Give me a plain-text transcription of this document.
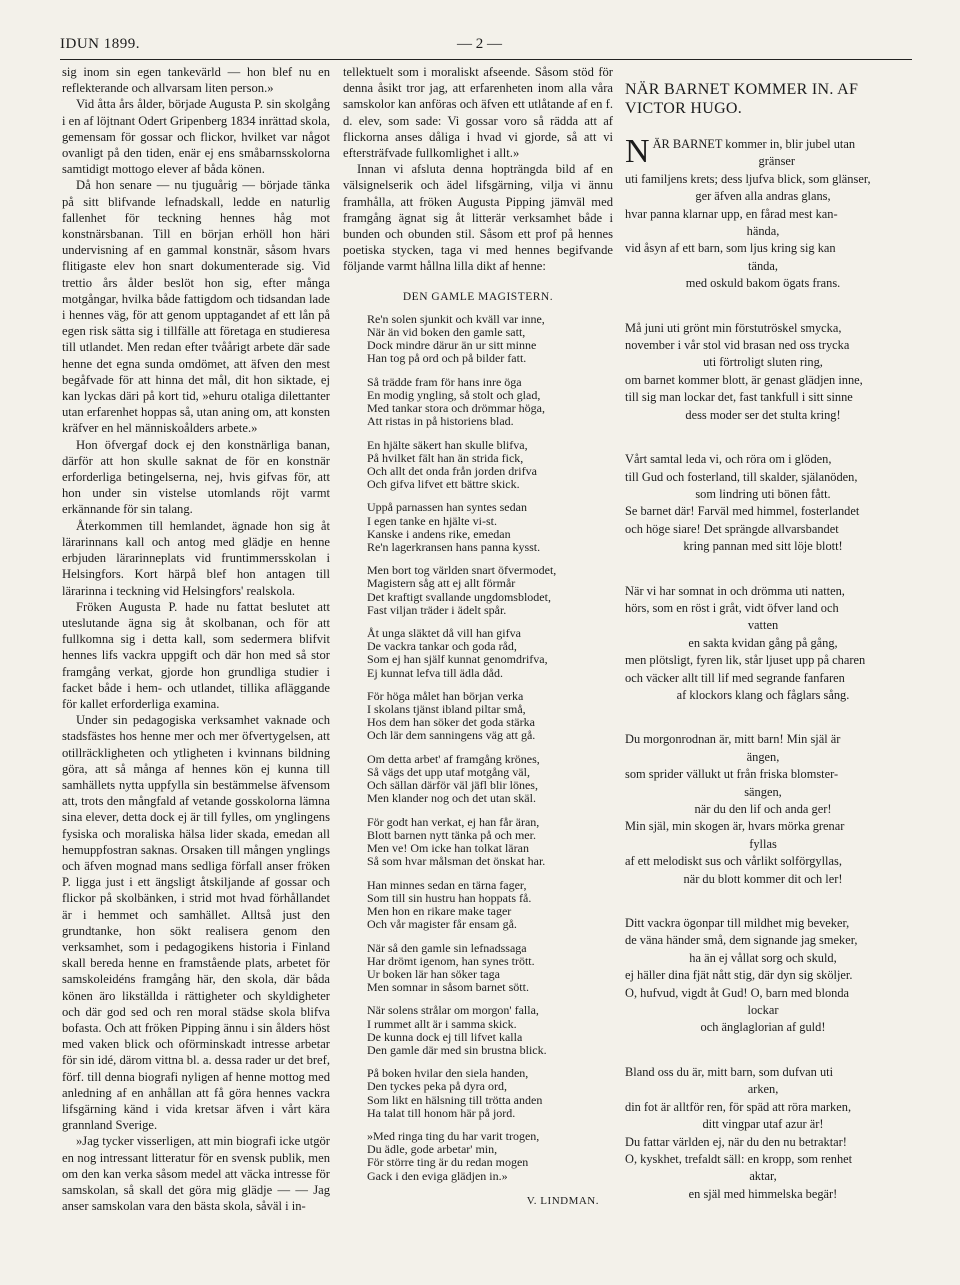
IDUN 1899.	— 2 —

sig inom sin egen tankevärld — hon blef nu en reflekterande och allvarsam liten person.»

Vid åtta års ålder, började Augusta P. sin skolgång i en af löjtnant Odert Gripenberg 1834 inrättad skola, gemensam för gossar och flickor, hvilket var något ovanligt på den tiden, enär ej ens småbarnsskolorna samtidigt mottogo elever af båda könen.

Då hon senare — nu tjuguårig — började tänka på sitt blifvande lefnadskall, ledde en naturlig fallenhet för teckning hennes håg mot konstnärsbanan. Till en början erhöll hon häri undervisning af en gammal konstnär, såsom hvars flitigaste elev hon snart dokumenterade sig. Vid trettio års ålder beslöt hon sig, efter många motgångar, hvilka både fattigdom och tidsandan lade i hennes väg, för att genom upptagandet af ett lån på egen risk sätta sig i tillfälle att företaga en studieresa till utlandet. Men redan efter tvåårigt arbete där sade henne det egna sunda omdömet, att äfven den mest begåfvade för att hinna det mål, dit hon siktade, ej kan lyckas däri på kort tid, »ehuru otaliga dilettanter utan erfarenhet hoppas så, utan aning om, att konsten kräfver en hel människoålders arbete.»

Hon öfvergaf dock ej den konstnärliga banan, därför att hon skulle saknat de för en konstnär erforderliga betingelserna, nej, hvis gifvas för, att hon under sin vistelse utomlands röjt varmt erkännande för sin talang.

Återkommen till hemlandet, ägnade hon sig åt lärarinnans kall och antog med glädje en henne erbjuden lärarinneplats vid fruntimmersskolan i Helsingfors. Kort härpå blef hon antagen till lärarinna i teckning vid Helsingfors' realskola.

Fröken Augusta P. hade nu fattat beslutet att uteslutande ägna sig åt skolbanan, och för att fullkomna sig i detta kall, som sedermera blifvit hennes lifs vackra uppgift och där hon med så stor framgång verkat, gjorde hon grundliga studier i facket både i hem- och utlandet, tillika afläggande för kallet erforderliga examina.

Under sin pedagogiska verksamhet vaknade och stadsfästes hos henne mer och mer öfvertygelsen, att otillräckligheten och ytligheten i kvinnans bildning göra, att så många af hennes kön ej kunna till samhällets nytta uppfylla sin bestämmelse äfvensom att, trots den mångfald af vetande gosskolorna lämna sina elever, detta dock ej är till fylles, om ynglingens fysiska och moraliska hälsa lider skada, emedan all hemuppfostran saknas. Orsaken till mången ynglings och äfven mognad mans sedliga förfall anser fröken P. ligga just i ett ängsligt åtskiljande af gossar och flickor på skolbänken, i strid mot hvad förhållandet är i hemmet och samhället. Alltså just den grundtanke, hon sökt realisera genom den verksamhet, som i pedagogikens historia i Finland skall bereda henne en framstående plats, arbetet för samskoleidéns framgång här, den skola, där båda könen äro likställda i rättigheter och skyldigheter och där god sed och ren moral städse skola blifva bofasta. Och att fröken Pipping ännu i sin ålders höst med vaken blick och oförminskadt intresse arbetar för sin idé, därom vittna bl. a. dessa rader ur det bref, förf. till denna biografi nyligen af henne mottog med anledning af en anhållan att få göra hennes vackra lifsgärning känd i vida kretsar äfven i vårt kära grannland Sverige.

»Jag tycker visserligen, att min biografi icke utgör en nog intressant litteratur för en svensk publik, men om den kan verka såsom medel att väcka intresse för samskolan, så skall det göra mig glädje — — Jag anser samskolan vara den bästa skola, såväl i in-

tellektuelt som i moraliskt afseende. Såsom stöd för denna åsikt tror jag, att erfarenheten inom alla våra samskolor kan anföras och äfven ett utlåtande af en f. d. elev, som sade: Vi gossar voro så rädda att af flickorna anses dåliga i hvad vi gjorde, så att vi eftersträfvade fullkomlighet i allt.»

Innan vi afsluta denna hopträngda bild af en välsignelserik och ädel lifsgärning, vilja vi ännu framhålla, att fröken Augusta Pipping jämväl med framgång ägnat sig åt litterär verksamhet både i bunden och obunden stil. Såsom ett prof på hennes poetiska stycken, taga vi med hennes begifvande följande varmt hållna lilla dikt af henne:

DEN GAMLE MAGISTERN.
Re'n solen sjunkit och kväll var inne,
När än vid boken den gamle satt,
Dock mindre därur än ur sitt minne
Han tog på ord och på bilder fatt.
Så trädde fram för hans inre öga
En modig yngling, så stolt och glad,
Med tankar stora och drömmar höga,
Att ristas in på historiens blad.
En hjälte säkert han skulle blifva,
På hvilket fält han än strida fick,
Och allt det onda från jorden drifva
Och gifva lifvet ett bättre skick.
Uppå parnassen han syntes sedan
I egen tanke en hjälte vi-st.
Kanske i andens rike, emedan
Re'n lagerkransen hans panna kysst.
Men bort tog världen snart öfvermodet,
Magistern såg att ej allt förmår
Det kraftigt svallande ungdomsblodet,
Fast viljan träder i ädelt spår.
Åt unga släktet då vill han gifva
De vackra tankar och goda råd,
Som ej han själf kunnat genomdrifva,
Ej kunnat lefva till ädla dåd.
För höga målet han början verka
I skolans tjänst ibland piltar små,
Hos dem han söker det goda stärka
Och lär dem sanningens väg att gå.
Om detta arbet' af framgång krönes,
Så vägs det upp utaf motgång väl,
Och sällan därför väl jäfl blir lönes,
Men klander nog och det utan skäl.
För godt han verkat, ej han får äran,
Blott barnen nytt tänka på och mer.
Men ve! Om icke han tolkat läran
Så som hvar målsman det önskat har.
Han minnes sedan en tärna fager,
Som till sin hustru han hoppats få.
Men hon en rikare make tager
Och vår magister får ensam gå.
När så den gamle sin lefnadssaga
Har drömt igenom, han synes trött.
Ur boken lär han söker taga
Men somnar in såsom barnet sött.
När solens strålar om morgon' falla,
I rummet allt är i samma skick.
De kunna dock ej till lifvet kalla
Den gamle där med sin brustna blick.
På boken hvilar den siela handen,
Den tyckes peka på dyra ord,
Som likt en hälsning till trötta anden
Ha talat till honom här på jord.
»Med ringa ting du har varit trogen,
Du ädle, gode arbetar' min,
För större ting är du redan mogen
Gack i den eviga glädjen in.»
V. LINDMAN.
NÄR BARNET KOMMER IN. AF VICTOR HUGO.
N ÄR BARNET kommer in, blir jubel utan
gränser
uti familjens krets; dess ljufva blick, som glänser,
ger äfven alla andras glans,
hvar panna klarnar upp, en fårad mest kan-
hända,
vid åsyn af ett barn, som ljus kring sig kan
tända,
med oskuld bakom ögats frans.
Må juni uti grönt min förstutröskel smycka,
november i vår stol vid brasan ned oss trycka
uti förtroligt sluten ring,
om barnet kommer blott, är genast glädjen inne,
till sig man lockar det, fast tankfull i sitt sinne
dess moder ser det stulta kring!
Vårt samtal leda vi, och röra om i glöden,
till Gud och fosterland, till skalder, själanöden,
som lindring uti bönen fått.
Se barnet där! Farväl med himmel, fosterlandet
och höge siare! Det sprängde allvarsbandet
kring pannan med sitt löje blott!
När vi har somnat in och drömma uti natten,
hörs, som en röst i gråt, vidt öfver land och
vatten
en sakta kvidan gång på gång,
men plötsligt, fyren lik, står ljuset upp på charen
och väcker allt till lif med segrande fanfaren
af klockors klang och fåglars sång.
Du morgonrodnan är, mitt barn! Min själ är
ängen,
som sprider vällukt ut från friska blomster-
sängen,
när du den lif och anda ger!
Min själ, min skogen är, hvars mörka grenar
fyllas
af ett melodiskt sus och vårlikt solförgyllas,
när du blott kommer dit och ler!
Ditt vackra ögonpar till mildhet mig beveker,
de väna händer små, dem signande jag smeker,
ha än ej vållat sorg och skuld,
ej häller dina fjät nått stig, där dyn sig sköljer.
O, hufvud, vigdt åt Gud! O, barn med blonda
lockar
och änglaglorian af guld!
Bland oss du är, mitt barn, som dufvan uti
arken,
din fot är alltför ren, för späd att röra marken,
ditt vingpar utaf azur är!
Du fattar världen ej, när du den nu betraktar!
O, kyskhet, trefaldt säll: en kropp, som renhet
aktar,
en själ med himmelska begär!
